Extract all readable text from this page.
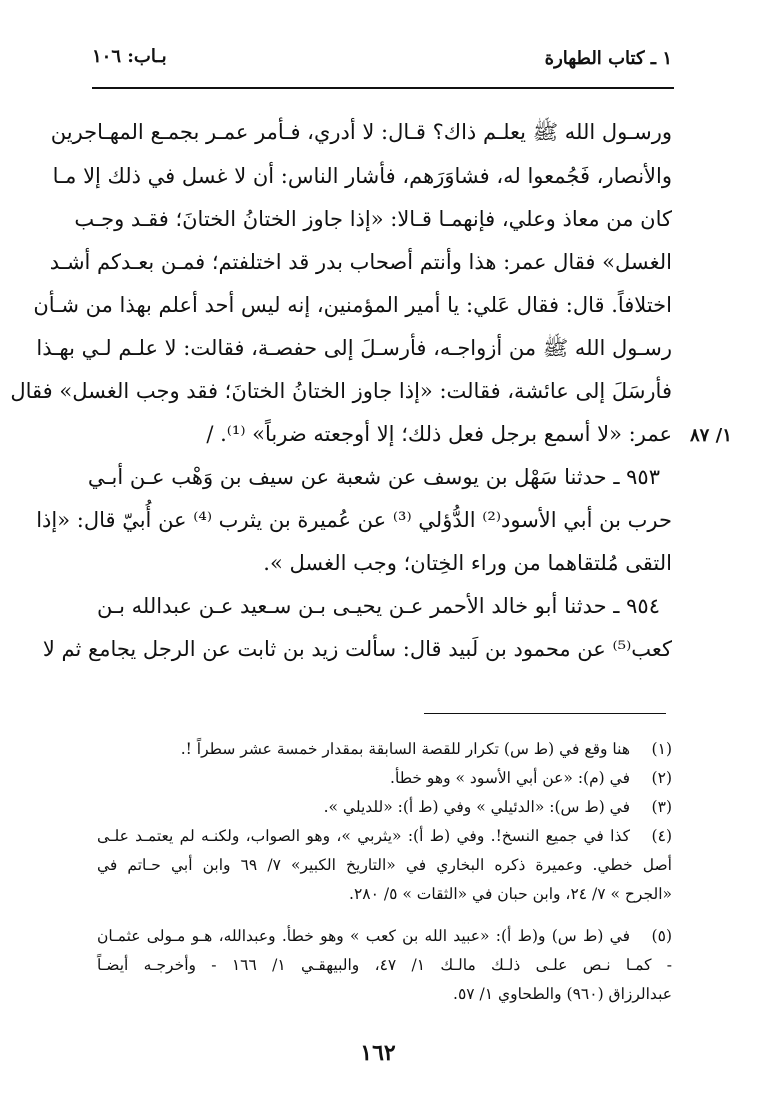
١ ـ كتاب الطهارة
بـاب: ١٠٦
ورسـول الله ﷺ يعلـم ذاك؟ قـال: لا أدري، فـأمر عمـر بجمـع المهـاجرين
والأنصار، فَجُمعوا له، فشاوَرَهم، فأشار الناس: أن لا غسل في ذلك إلا مـا
كان من معاذ وعلي، فإنهمـا قـالا: «إذا جاوز الختانُ الختانَ؛ فقـد وجـب
الغسل» فقال عمر: هذا وأنتم أصحاب بدر قد اختلفتم؛ فمـن بعـدكم أشـد
اختلافاً. قال: فقال عَلي: يا أمير المؤمنين، إنه ليس أحد أعلم بهذا من شـأن
رسـول الله ﷺ من أزواجـه، فأرسـلَ إلى حفصـة، فقالت: لا علـم لـي بهـذا
فأرسَلَ إلى عائشة، فقالت: «إذا جاوز الختانُ الختانَ؛ فقد وجب الغسل» فقال
عمر: «لا أسمع برجل فعل ذلك؛ إلا أوجعته ضرباً» ⁽¹⁾. / ١/ ٨٧
٩٥٣ ـ حدثنا سَهْل بن يوسف عن شعبة عن سيف بن وَهْب عـن أبـي
حرب بن أبي الأسود⁽²⁾ الدُّؤلي ⁽³⁾ عن عُميرة بن يثرب ⁽⁴⁾ عن أُبيّ قال: «إذا
التقى مُلتقاهما من وراء الخِتان؛ وجب الغسل ».
٩٥٤ ـ حدثنا أبو خالد الأحمر عـن يحيـى بـن سـعيد عـن عبدالله بـن
كعب⁽⁵⁾ عن محمود بن لَبيد قال: سألت زيد بن ثابت عن الرجل يجامع ثم لا
(١)
هنا وقع في (ط س) تكرار للقصة السابقة بمقدار خمسة عشر سطراً !.
(٢)
في (م): «عن أبي الأسود » وهو خطأ.
(٣)
في (ط س): «الدئيلي » وفي (ط أ): «للديلي ».
(٤)
كذا في جميع النسخ!. وفي (ط أ): «يثربي »، وهو الصواب، ولكنـه لم يعتمـد علـى
أصل خطي. وعميرة ذكره البخاري في «التاريخ الكبير» ٧/ ٦٩ وابن أبي حـاتم في
«الجرح » ٧/ ٢٤، وابن حبان في «الثقات » ٥/ ٢٨٠.
(٥)
في (ط س) و(ط أ): «عبيد الله بن كعب » وهو خطأ. وعبدالله، هـو مـولى عثمـان
- كمـا نـص علـى ذلـك مالـك ١/ ٤٧، والبيهقـي ١/ ١٦٦ - وأخرجـه أيضـاً
عبدالرزاق (٩٦٠) والطحاوي ١/ ٥٧.
١٦٢
